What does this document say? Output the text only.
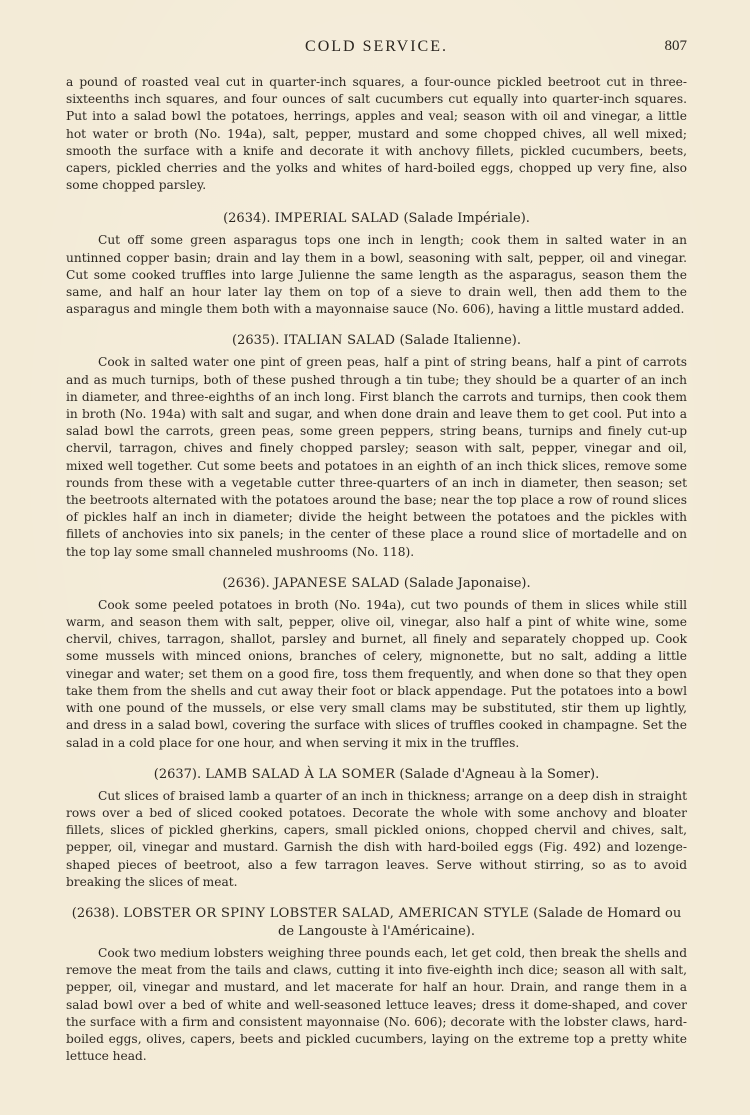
COLD SERVICE.	807

a pound of roasted veal cut in quarter-inch squares, a four-ounce pickled beetroot cut in three-sixteenths inch squares, and four ounces of salt cucumbers cut equally into quarter-inch squares. Put into a salad bowl the potatoes, herrings, apples and veal; season with oil and vinegar, a little hot water or broth (No. 194a), salt, pepper, mustard and some chopped chives, all well mixed; smooth the surface with a knife and decorate it with anchovy fillets, pickled cucumbers, beets, capers, pickled cherries and the yolks and whites of hard-boiled eggs, chopped up very fine, also some chopped parsley.

(2634). IMPERIAL SALAD (Salade Impériale).

Cut off some green asparagus tops one inch in length; cook them in salted water in an untinned copper basin; drain and lay them in a bowl, seasoning with salt, pepper, oil and vinegar. Cut some cooked truffles into large Julienne the same length as the asparagus, season them the same, and half an hour later lay them on top of a sieve to drain well, then add them to the asparagus and mingle them both with a mayonnaise sauce (No. 606), having a little mustard added.

(2635). ITALIAN SALAD (Salade Italienne).

Cook in salted water one pint of green peas, half a pint of string beans, half a pint of carrots and as much turnips, both of these pushed through a tin tube; they should be a quarter of an inch in diameter, and three-eighths of an inch long. First blanch the carrots and turnips, then cook them in broth (No. 194a) with salt and sugar, and when done drain and leave them to get cool. Put into a salad bowl the carrots, green peas, some green peppers, string beans, turnips and finely cut-up chervil, tarragon, chives and finely chopped parsley; season with salt, pepper, vinegar and oil, mixed well together. Cut some beets and potatoes in an eighth of an inch thick slices, remove some rounds from these with a vegetable cutter three-quarters of an inch in diameter, then season; set the beetroots alternated with the potatoes around the base; near the top place a row of round slices of pickles half an inch in diameter; divide the height between the potatoes and the pickles with fillets of anchovies into six panels; in the center of these place a round slice of mortadelle and on the top lay some small channeled mushrooms (No. 118).

(2636). JAPANESE SALAD (Salade Japonaise).

Cook some peeled potatoes in broth (No. 194a), cut two pounds of them in slices while still warm, and season them with salt, pepper, olive oil, vinegar, also half a pint of white wine, some chervil, chives, tarragon, shallot, parsley and burnet, all finely and separately chopped up. Cook some mussels with minced onions, branches of celery, mignonette, but no salt, adding a little vinegar and water; set them on a good fire, toss them frequently, and when done so that they open take them from the shells and cut away their foot or black appendage. Put the potatoes into a bowl with one pound of the mussels, or else very small clams may be substituted, stir them up lightly, and dress in a salad bowl, covering the surface with slices of truffles cooked in champagne. Set the salad in a cold place for one hour, and when serving it mix in the truffles.

(2637). LAMB SALAD À LA SOMER (Salade d'Agneau à la Somer).

Cut slices of braised lamb a quarter of an inch in thickness; arrange on a deep dish in straight rows over a bed of sliced cooked potatoes. Decorate the whole with some anchovy and bloater fillets, slices of pickled gherkins, capers, small pickled onions, chopped chervil and chives, salt, pepper, oil, vinegar and mustard. Garnish the dish with hard-boiled eggs (Fig. 492) and lozenge-shaped pieces of beetroot, also a few tarragon leaves. Serve without stirring, so as to avoid breaking the slices of meat.

(2638). LOBSTER OR SPINY LOBSTER SALAD, AMERICAN STYLE (Salade de Homard ou de Langouste à l'Américaine).

Cook two medium lobsters weighing three pounds each, let get cold, then break the shells and remove the meat from the tails and claws, cutting it into five-eighth inch dice; season all with salt, pepper, oil, vinegar and mustard, and let macerate for half an hour. Drain, and range them in a salad bowl over a bed of white and well-seasoned lettuce leaves; dress it dome-shaped, and cover the surface with a firm and consistent mayonnaise (No. 606); decorate with the lobster claws, hard-boiled eggs, olives, capers, beets and pickled cucumbers, laying on the extreme top a pretty white lettuce head.
